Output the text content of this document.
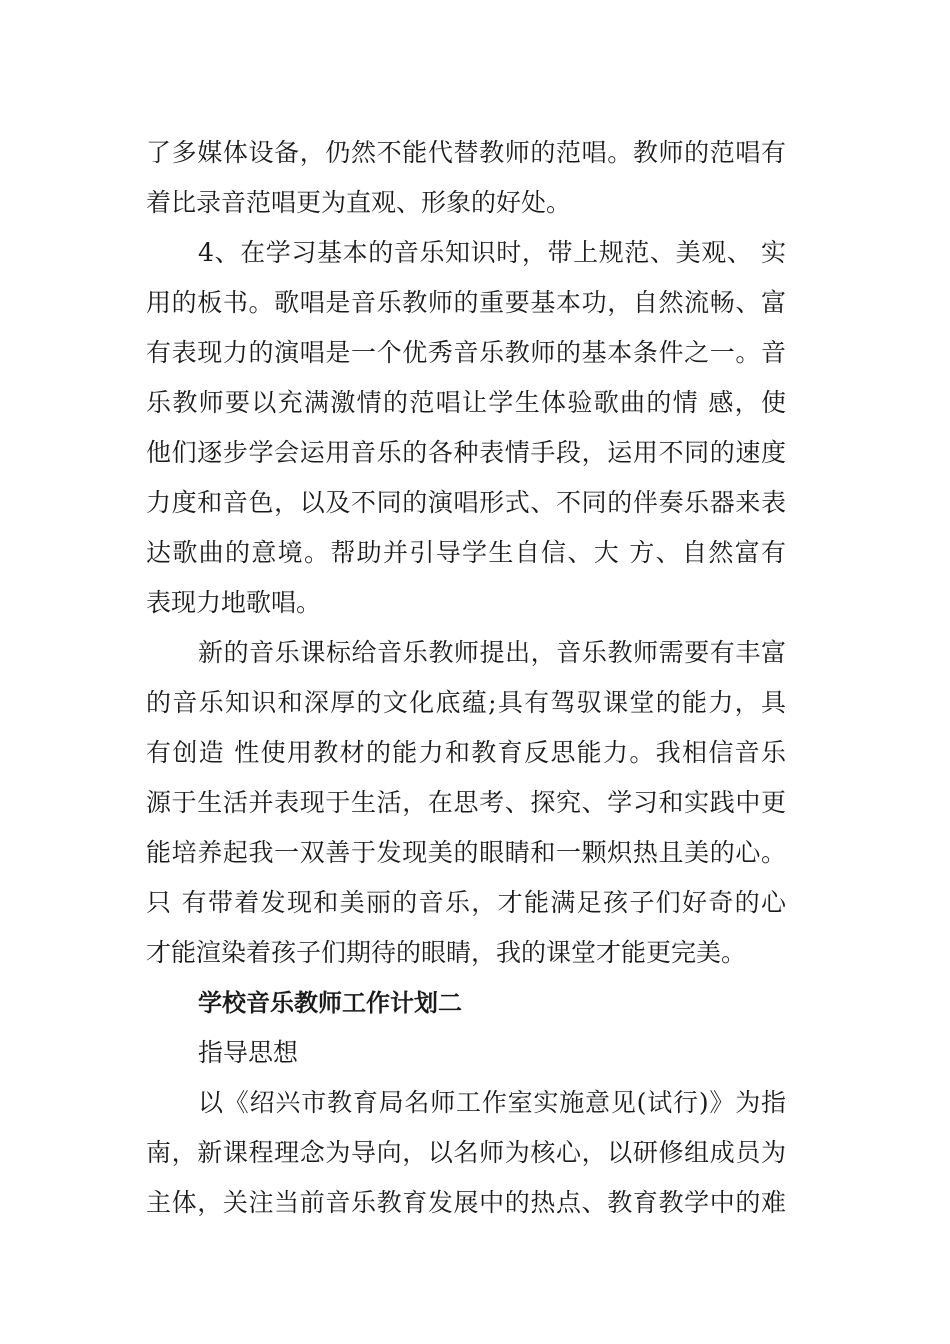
了多媒体设备，仍然不能代替教师的范唱。教师的范唱有
着比录音范唱更为直观、形象的好处。
4、在学习基本的音乐知识时，带上规范、美观、 实
用的板书。歌唱是音乐教师的重要基本功，自然流畅、富
有表现力的演唱是一个优秀音乐教师的基本条件之一。音
乐教师要以充满激情的范唱让学生体验歌曲的情 感，使
他们逐步学会运用音乐的各种表情手段，运用不同的速度
力度和音色，以及不同的演唱形式、不同的伴奏乐器来表
达歌曲的意境。帮助并引导学生自信、大 方、自然富有
表现力地歌唱。
新的音乐课标给音乐教师提出，音乐教师需要有丰富
的音乐知识和深厚的文化底蕴;具有驾驭课堂的能力，具
有创造 性使用教材的能力和教育反思能力。我相信音乐
源于生活并表现于生活，在思考、探究、学习和实践中更
能培养起我一双善于发现美的眼睛和一颗炽热且美的心。
只 有带着发现和美丽的音乐，才能满足孩子们好奇的心
才能渲染着孩子们期待的眼睛，我的课堂才能更完美。
学校音乐教师工作计划二
指导思想
以《绍兴市教育局名师工作室实施意见(试行)》为指
南，新课程理念为导向，以名师为核心，以研修组成员为
主体，关注当前音乐教育发展中的热点、教育教学中的难
